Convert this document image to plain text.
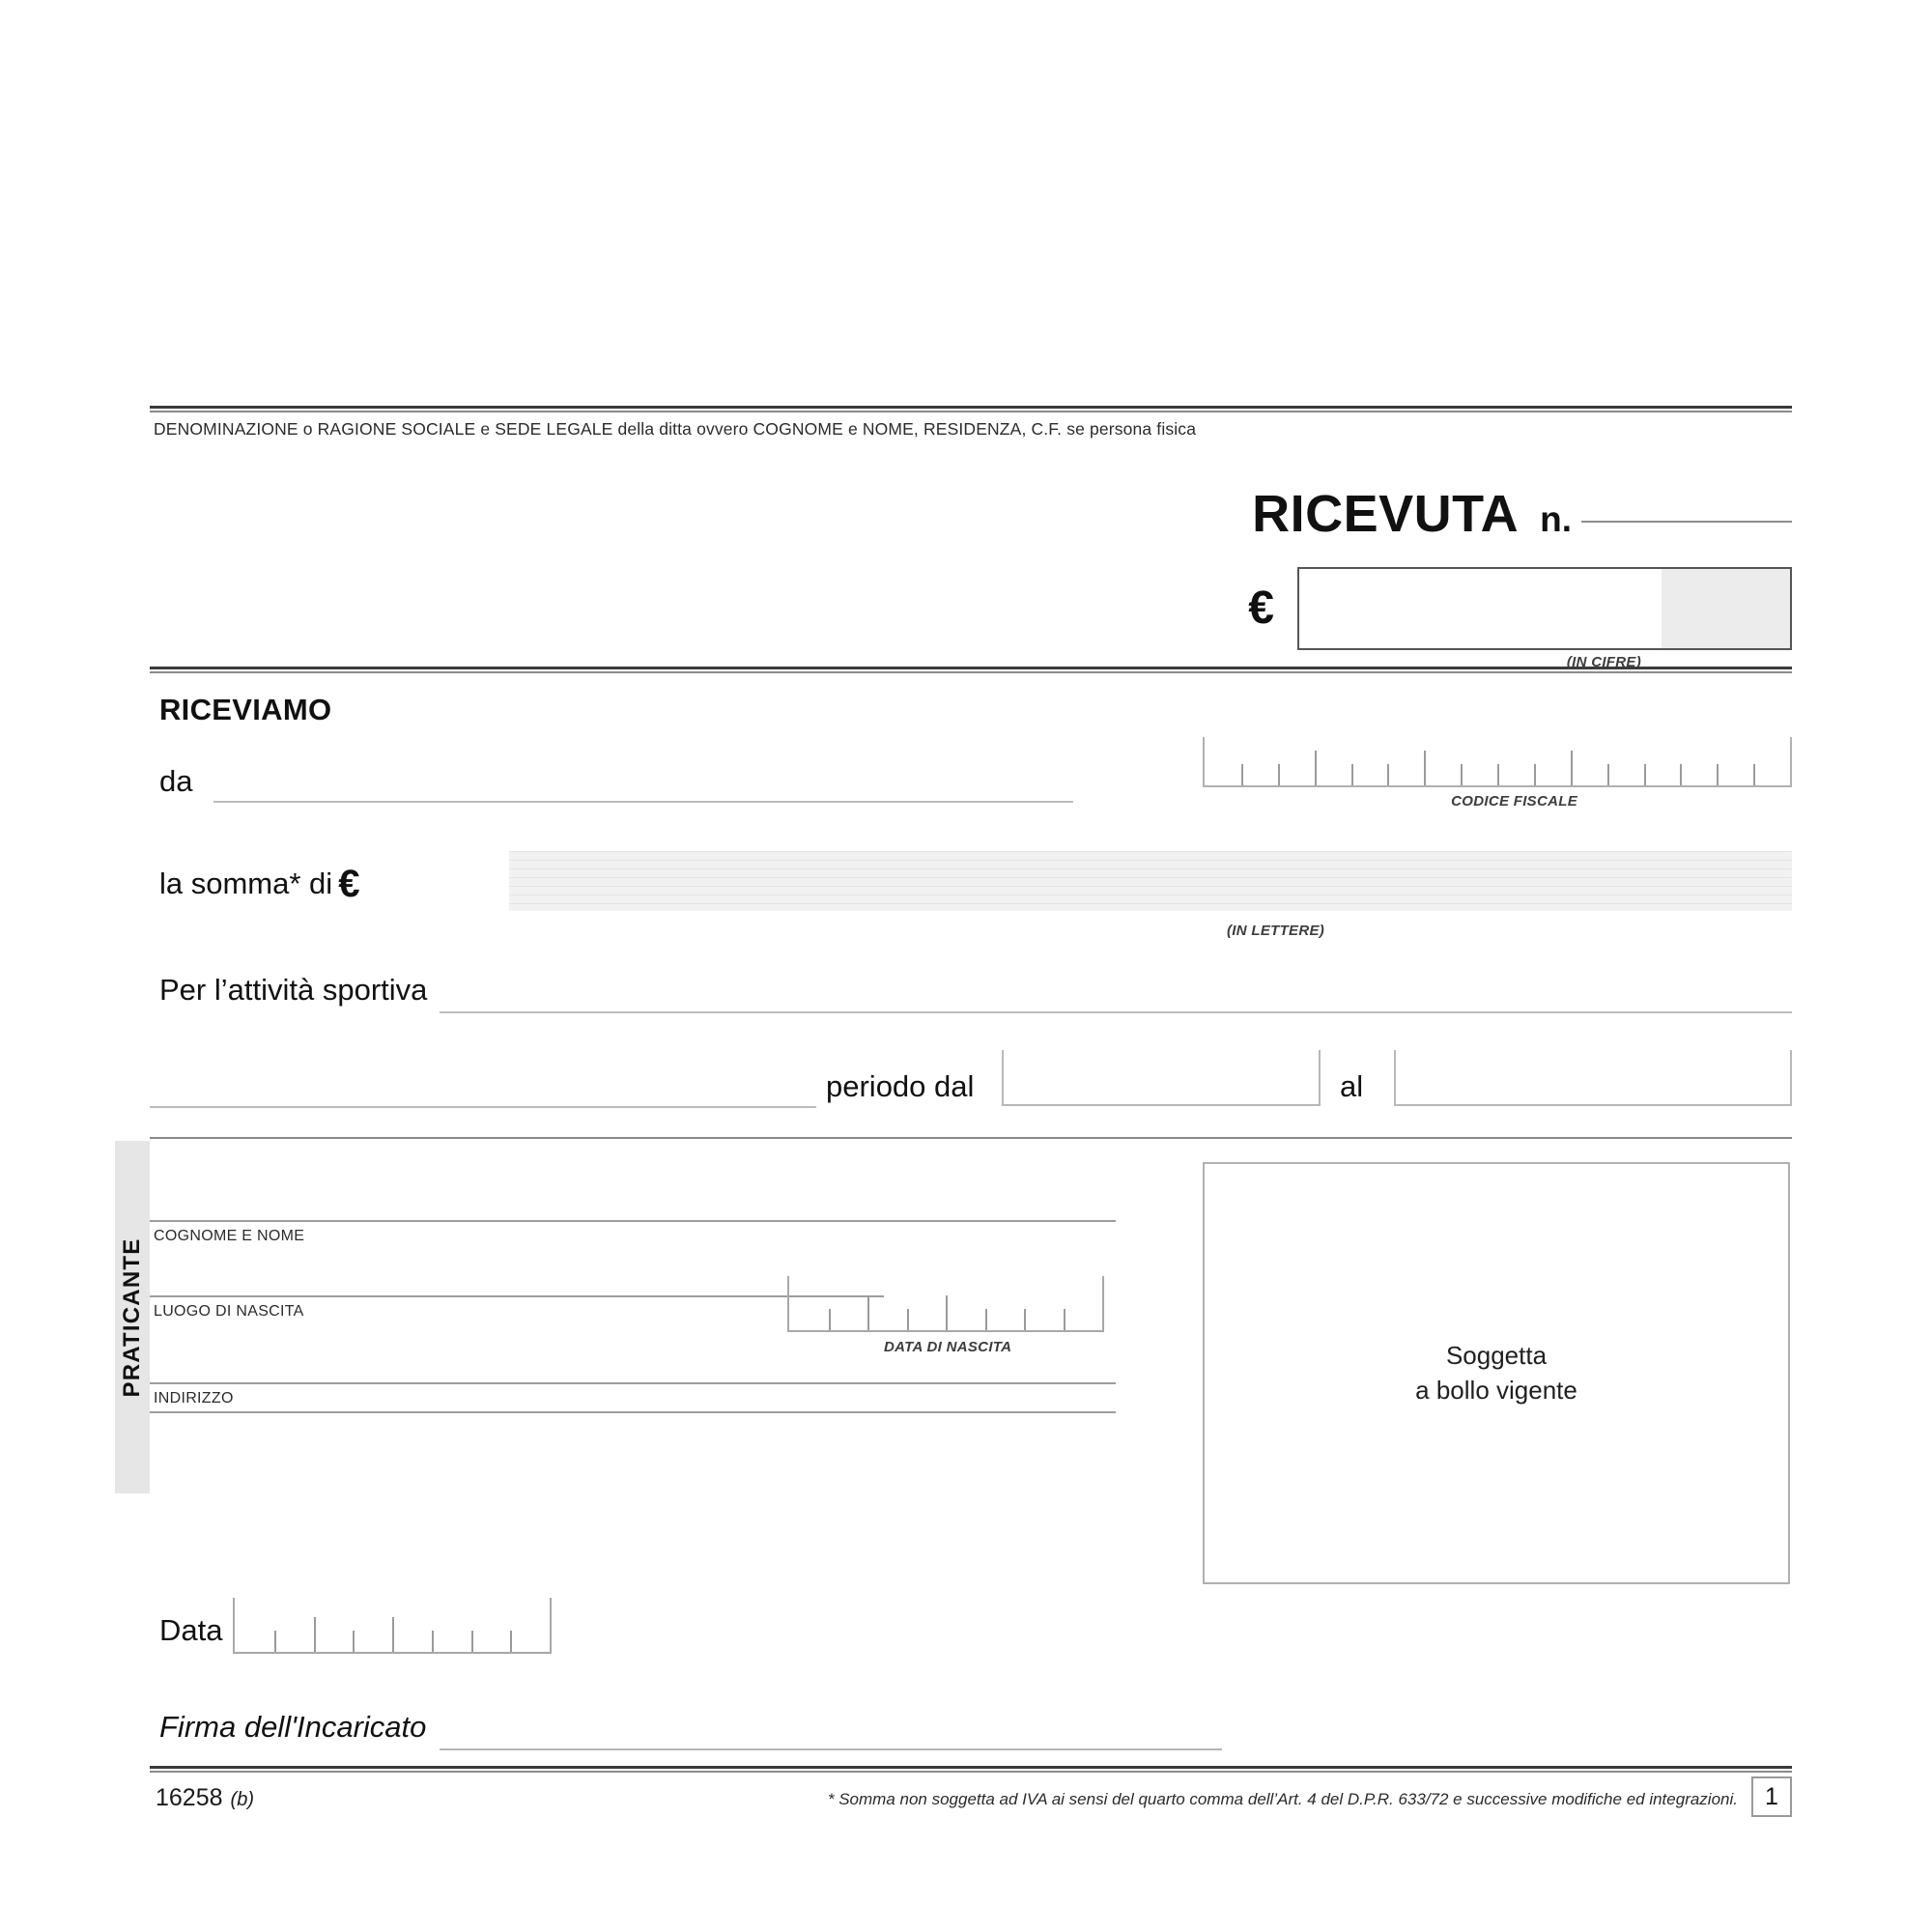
DENOMINAZIONE o RAGIONE SOCIALE e SEDE LEGALE della ditta ovvero COGNOME e NOME, RESIDENZA, C.F. se persona fisica
RICEVUTA n.
€
(IN CIFRE)
RICEVIAMO
da
CODICE FISCALE
la somma* di €
(IN LETTERE)
Per l’attività sportiva
periodo dal	al
PRATICANTE
COGNOME E NOME
LUOGO DI NASCITA
INDIRIZZO
DATA DI NASCITA	Soggetta
a bollo vigente
Data
Firma dell'Incaricato
16258 (b)	* Somma non soggetta ad IVA ai sensi del quarto comma dell’Art. 4 del D.P.R. 633/72 e successive modifiche ed integrazioni.	1
